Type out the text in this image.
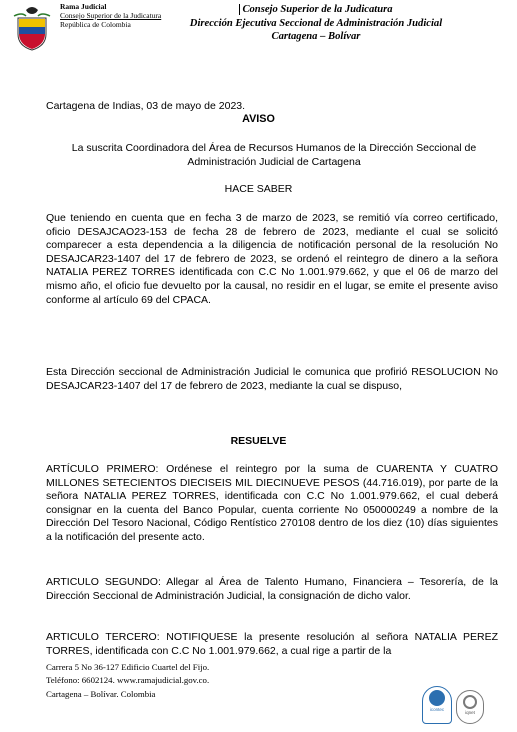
Rama Judicial
Consejo Superior de la Judicatura
República de Colombia
Consejo Superior de la Judicatura
Dirección Ejecutiva Seccional de Administración Judicial
Cartagena – Bolívar
Cartagena de Indias, 03 de mayo de 2023.
AVISO
La suscrita Coordinadora del Área de Recursos Humanos de la Dirección Seccional de Administración Judicial de Cartagena
HACE SABER
Que teniendo en cuenta que en fecha 3 de marzo de 2023, se remitió vía correo certificado, oficio DESAJCAO23-153 de fecha 28 de febrero de 2023, mediante el cual se solicitó comparecer a esta dependencia a la diligencia de notificación personal de la resolución No DESAJCAR23-1407 del 17 de febrero de 2023, se ordenó el reintegro de dinero a la señora NATALIA PEREZ TORRES identificada con C.C No 1.001.979.662, y que el 06 de marzo del mismo año, el oficio fue devuelto por la causal, no residir en el lugar, se emite el presente aviso conforme al artículo 69 del CPACA.
Esta Dirección seccional de Administración Judicial le comunica que profirió RESOLUCION No DESAJCAR23-1407 del 17 de febrero de 2023, mediante la cual se dispuso,
RESUELVE
ARTÍCULO PRIMERO: Ordénese el reintegro por la suma de CUARENTA Y CUATRO MILLONES SETECIENTOS DIECISEIS MIL DIECINUEVE PESOS (44.716.019), por parte de la señora NATALIA PEREZ TORRES, identificada con C.C No 1.001.979.662, el cual deberá consignar en la cuenta del Banco Popular, cuenta corriente No 050000249 a nombre de la Dirección Del Tesoro Nacional, Código Rentístico 270108 dentro de los diez (10) días siguientes a la notificación del presente acto.
ARTICULO SEGUNDO: Allegar al Área de Talento Humano, Financiera – Tesorería, de la Dirección Seccional de Administración Judicial, la consignación de dicho valor.
ARTICULO TERCERO: NOTIFIQUESE la presente resolución al señora NATALIA PEREZ TORRES, identificada con C.C No 1.001.979.662, a cual rige a partir de la
Carrera 5 No 36-127 Edificio Cuartel del Fijo.
Teléfono: 6602124. www.ramajudicial.gov.co.
Cartagena – Bolívar. Colombia
icontec
iqnet
